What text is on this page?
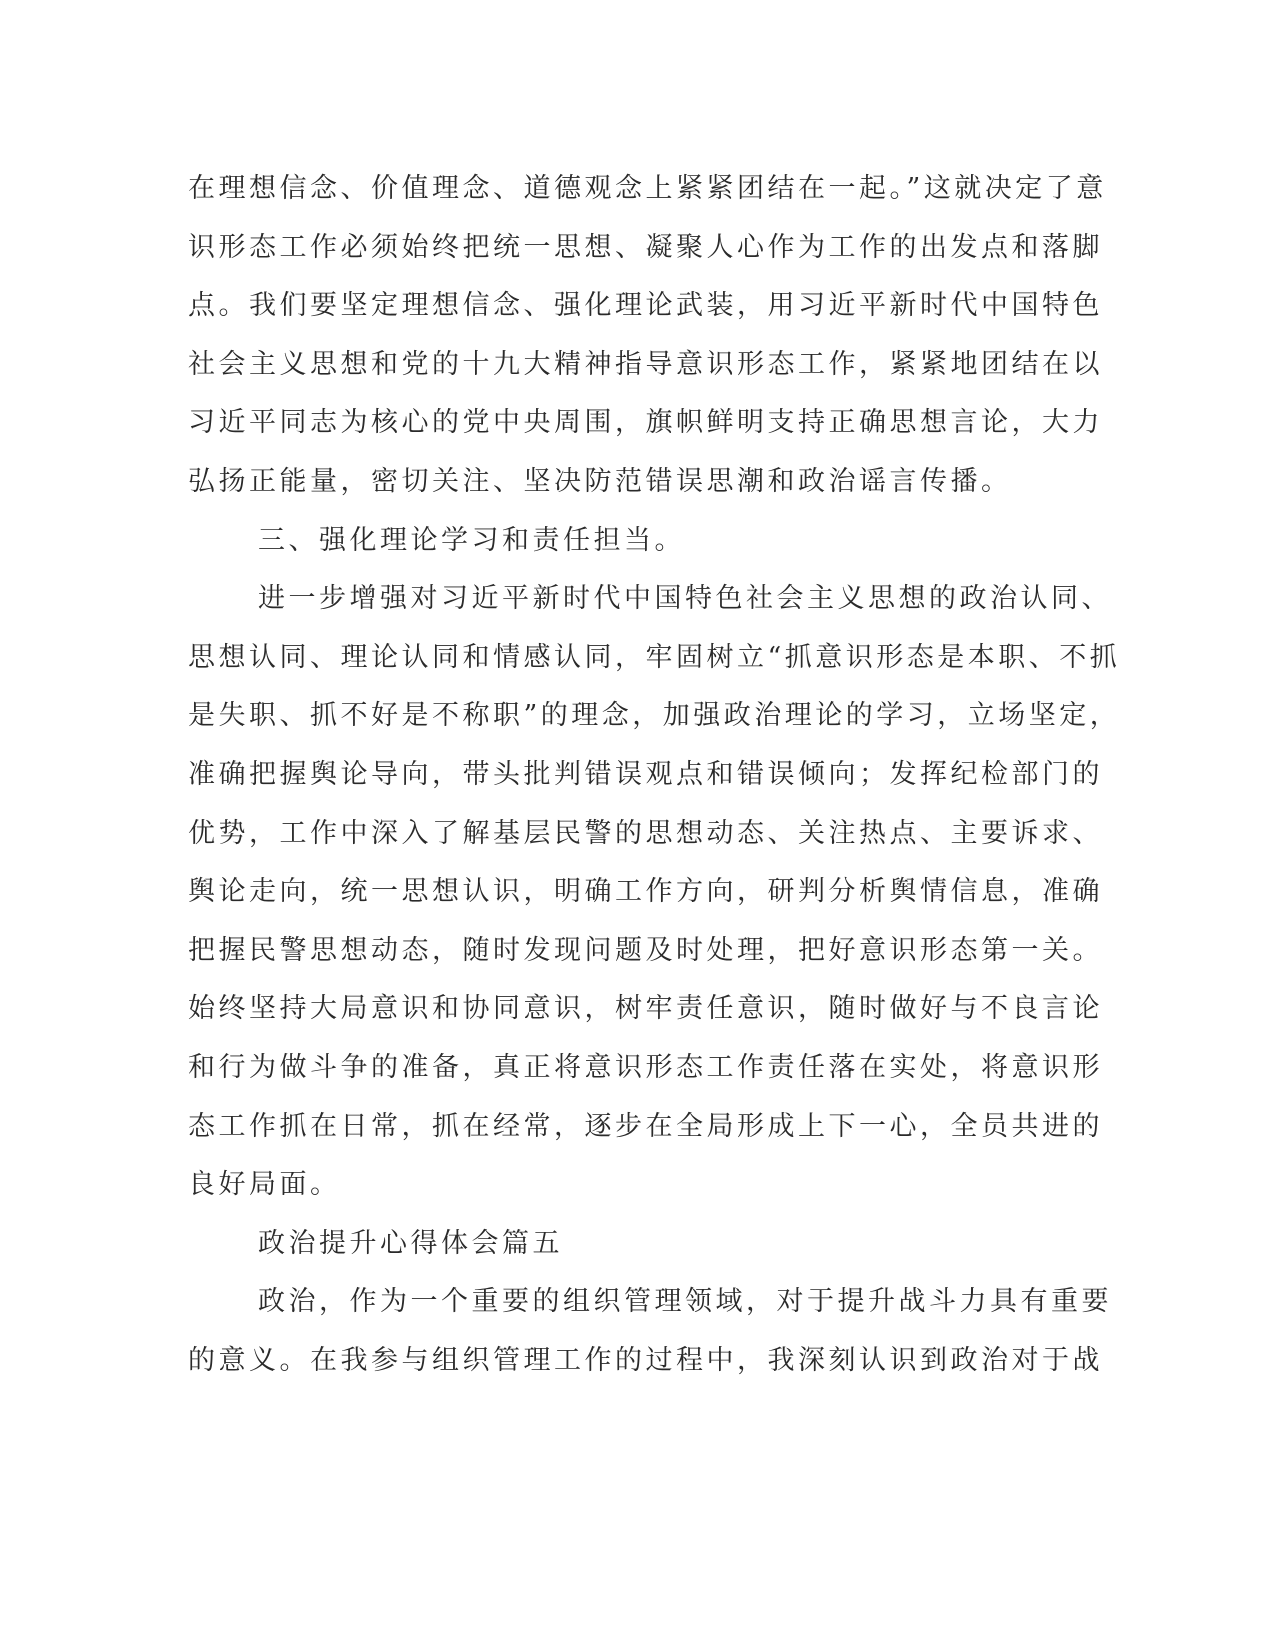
在理想信念、价值理念、道德观念上紧紧团结在一起。”这就决定了意
识形态工作必须始终把统一思想、凝聚人心作为工作的出发点和落脚
点。我们要坚定理想信念、强化理论武装，用习近平新时代中国特色
社会主义思想和党的十九大精神指导意识形态工作，紧紧地团结在以
习近平同志为核心的党中央周围，旗帜鲜明支持正确思想言论，大力
弘扬正能量，密切关注、坚决防范错误思潮和政治谣言传播。
三、强化理论学习和责任担当。
进一步增强对习近平新时代中国特色社会主义思想的政治认同、
思想认同、理论认同和情感认同，牢固树立“抓意识形态是本职、不抓
是失职、抓不好是不称职”的理念，加强政治理论的学习，立场坚定，
准确把握舆论导向，带头批判错误观点和错误倾向；发挥纪检部门的
优势，工作中深入了解基层民警的思想动态、关注热点、主要诉求、
舆论走向，统一思想认识，明确工作方向，研判分析舆情信息，准确
把握民警思想动态，随时发现问题及时处理，把好意识形态第一关。
始终坚持大局意识和协同意识，树牢责任意识，随时做好与不良言论
和行为做斗争的准备，真正将意识形态工作责任落在实处，将意识形
态工作抓在日常，抓在经常，逐步在全局形成上下一心，全员共进的
良好局面。
政治提升心得体会篇五
政治，作为一个重要的组织管理领域，对于提升战斗力具有重要
的意义。在我参与组织管理工作的过程中，我深刻认识到政治对于战
